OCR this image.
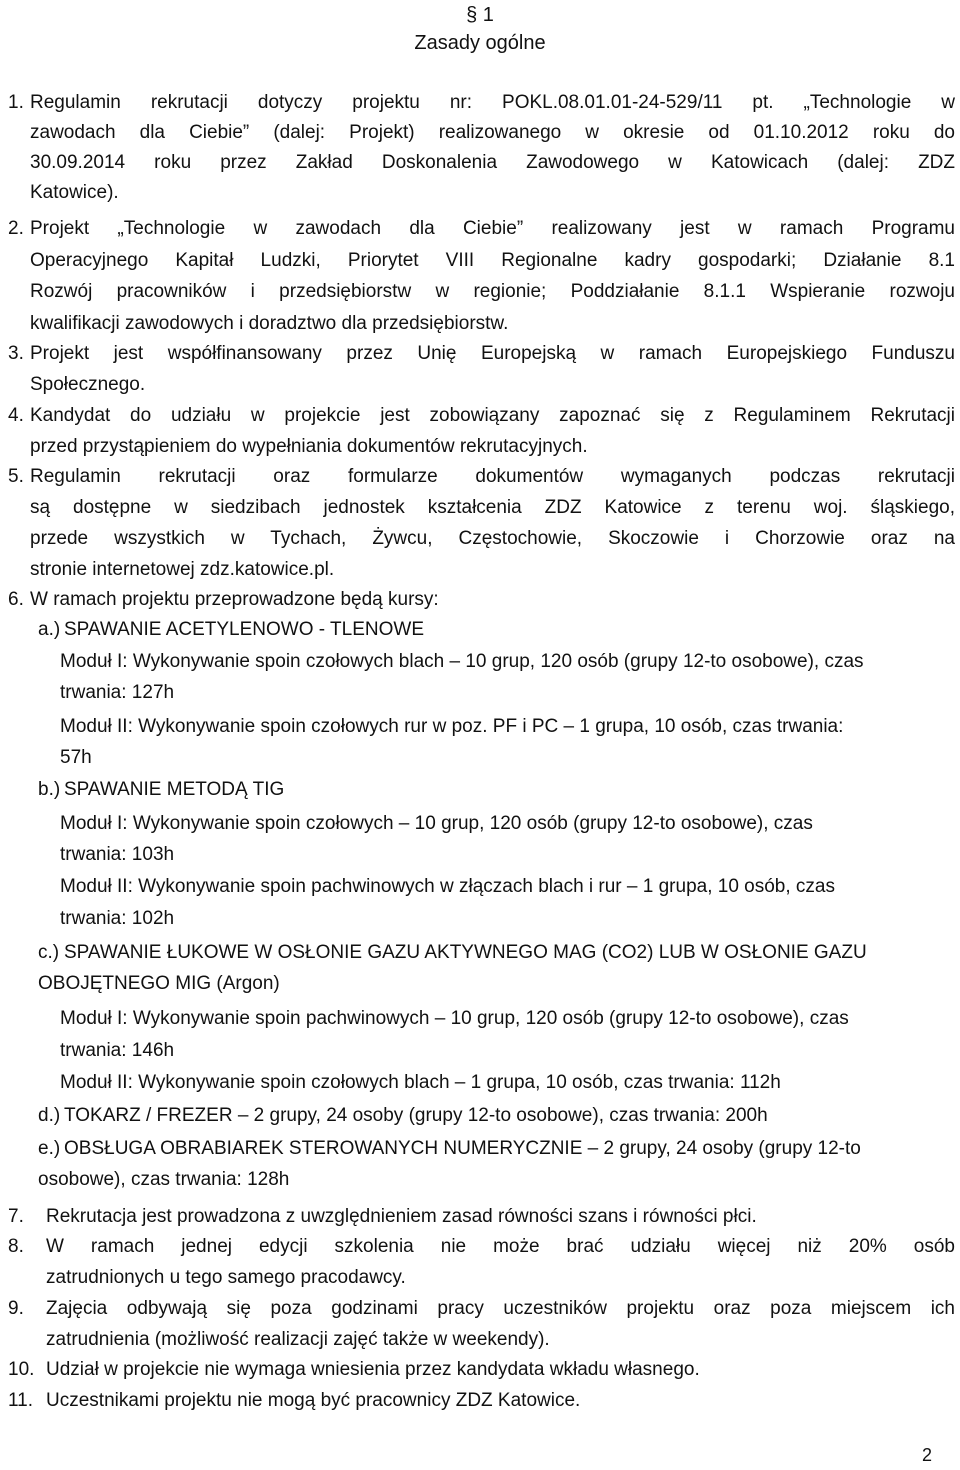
§ 1
Zasady ogólne
1. Regulamin rekrutacji dotyczy projektu nr: POKL.08.01.01-24-529/11 pt. „Technologie w
zawodach dla Ciebie” (dalej: Projekt) realizowanego w okresie od 01.10.2012 roku do
30.09.2014 roku przez Zakład Doskonalenia Zawodowego w Katowicach (dalej: ZDZ
Katowice).
2. Projekt „Technologie w zawodach dla Ciebie” realizowany jest w ramach Programu
Operacyjnego Kapitał Ludzki, Priorytet VIII Regionalne kadry gospodarki; Działanie 8.1
Rozwój pracowników i przedsiębiorstw w regionie; Poddziałanie 8.1.1 Wspieranie rozwoju
kwalifikacji zawodowych i doradztwo dla przedsiębiorstw.
3. Projekt jest współfinansowany przez Unię Europejską w ramach Europejskiego Funduszu
Społecznego.
4. Kandydat do udziału w projekcie jest zobowiązany zapoznać się z Regulaminem Rekrutacji
przed przystąpieniem do wypełniania dokumentów rekrutacyjnych.
5. Regulamin rekrutacji oraz formularze dokumentów wymaganych podczas rekrutacji
są dostępne w siedzibach jednostek kształcenia ZDZ Katowice z terenu woj. śląskiego,
przede wszystkich w Tychach, Żywcu, Częstochowie, Skoczowie i Chorzowie oraz na
stronie internetowej zdz.katowice.pl.
6. W ramach projektu przeprowadzone będą kursy:
7. Rekrutacja jest prowadzona z uwzględnieniem zasad równości szans i równości płci.
8. W ramach jednej edycji szkolenia nie może brać udziału więcej niż 20% osób
zatrudnionych u tego samego pracodawcy.
9. Zajęcia odbywają się poza godzinami pracy uczestników projektu oraz poza miejscem ich
zatrudnienia (możliwość realizacji zajęć także w weekendy).
10. Udział w projekcie nie wymaga wniesienia przez kandydata wkładu własnego.
11. Uczestnikami projektu nie mogą być pracownicy ZDZ Katowice.
a.) SPAWANIE ACETYLENOWO - TLENOWE
Moduł I: Wykonywanie spoin czołowych blach – 10 grup, 120 osób (grupy 12-to osobowe), czas
trwania: 127h
Moduł II: Wykonywanie spoin czołowych rur w poz. PF i PC – 1 grupa, 10 osób, czas trwania:
57h
b.) SPAWANIE METODĄ TIG
Moduł I: Wykonywanie spoin czołowych – 10 grup, 120 osób (grupy 12-to osobowe), czas
trwania: 103h
Moduł II: Wykonywanie spoin pachwinowych w złączach blach i rur – 1 grupa, 10 osób, czas
trwania: 102h
c.) SPAWANIE ŁUKOWE W OSŁONIE GAZU AKTYWNEGO MAG (CO2) LUB W OSŁONIE GAZU
OBOJĘTNEGO MIG (Argon)
Moduł I: Wykonywanie spoin pachwinowych – 10 grup, 120 osób (grupy 12-to osobowe), czas
trwania: 146h
Moduł II: Wykonywanie spoin czołowych blach – 1 grupa, 10 osób, czas trwania: 112h
d.) TOKARZ / FREZER – 2 grupy, 24 osoby (grupy 12-to osobowe), czas trwania: 200h
e.) OBSŁUGA OBRABIAREK STEROWANYCH NUMERYCZNIE – 2 grupy, 24 osoby (grupy 12-to
osobowe), czas trwania: 128h
2
